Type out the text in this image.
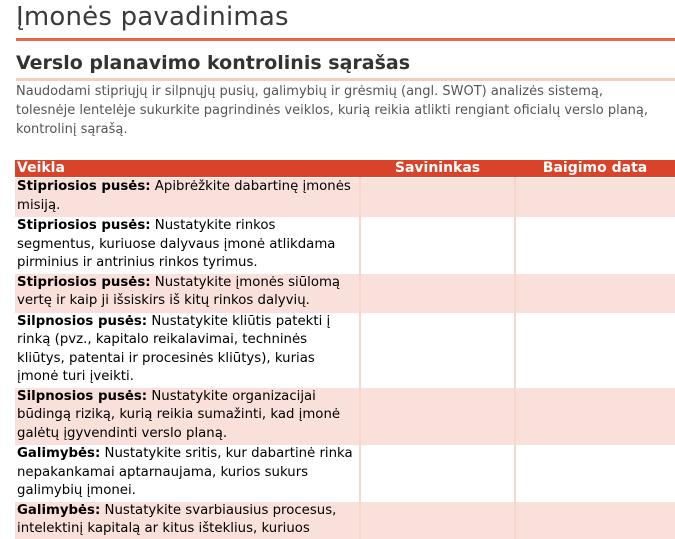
Įmonės pavadinimas
Verslo planavimo kontrolinis sąrašas
Naudodami stipriųjų ir silpnųjų pusių, galimybių ir grėsmių (angl. SWOT) analizės sistemą, tolesnėje lentelėje sukurkite pagrindinės veiklos, kurią reikia atlikti rengiant oficialų verslo planą, kontrolinį sąrašą.
Veikla	Savininkas	Baigimo data
Stipriosios pusės: Apibrėžkite dabartinę įmonės misiją.		
Stipriosios pusės: Nustatykite rinkos segmentus, kuriuose dalyvaus įmonė atlikdama pirminius ir antrinius rinkos tyrimus.		
Stipriosios pusės: Nustatykite įmonės siūlomą vertę ir kaip ji išsiskirs iš kitų rinkos dalyvių.		
Silpnosios pusės: Nustatykite kliūtis patekti į rinką (pvz., kapitalo reikalavimai, techninės kliūtys, patentai ir procesinės kliūtys), kurias įmonė turi įveikti.		
Silpnosios pusės: Nustatykite organizacijai būdingą riziką, kurią reikia sumažinti, kad įmonė galėtų įgyvendinti verslo planą.		
Galimybės: Nustatykite sritis, kur dabartinė rinka nepakankamai aptarnaujama, kurios sukurs galimybių įmonei.		
Galimybės: Nustatykite svarbiausius procesus, intelektinį kapitalą ar kitus išteklius, kuriuos		
